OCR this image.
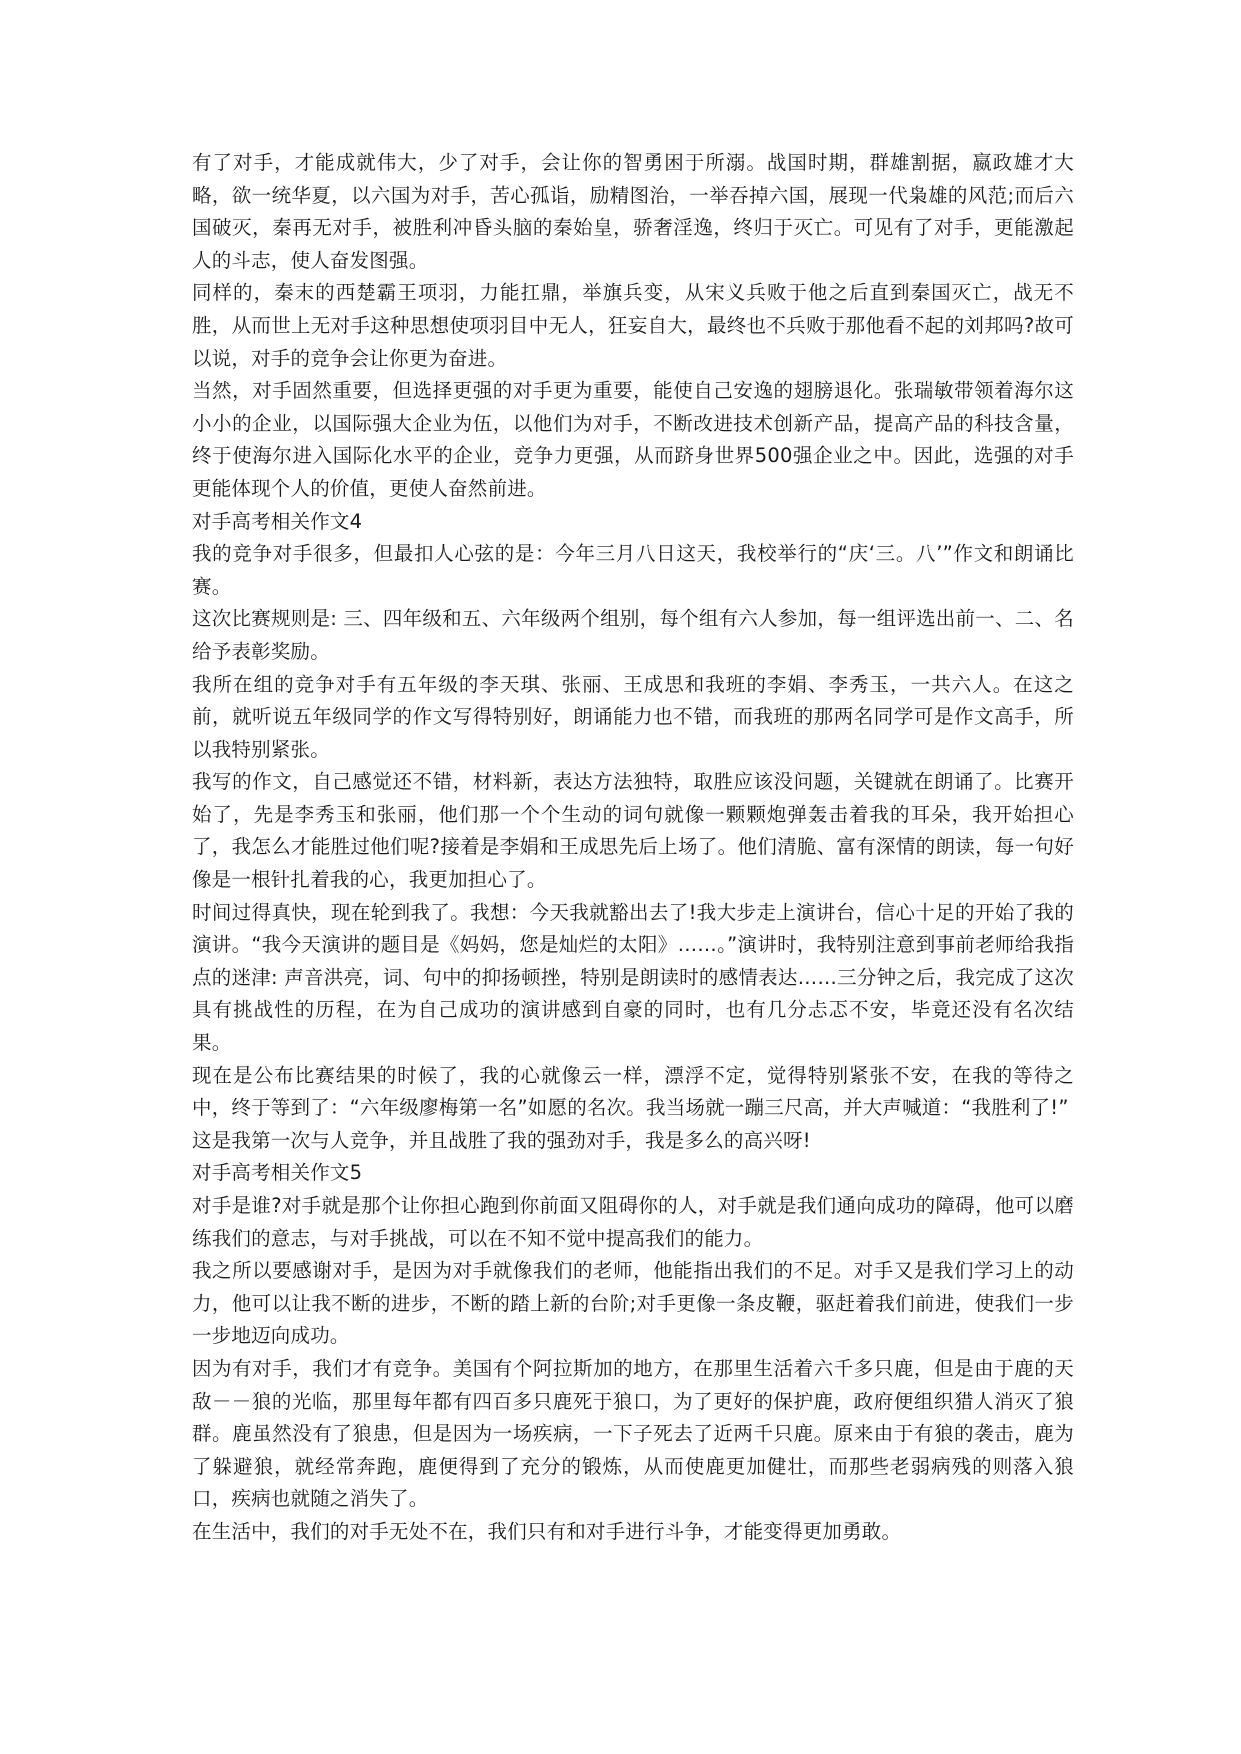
有了对手，才能成就伟大，少了对手，会让你的智勇困于所溺。战国时期，群雄割据，嬴政雄才大略，欲一统华夏，以六国为对手，苦心孤诣，励精图治，一举吞掉六国，展现一代枭雄的风范;而后六国破灭，秦再无对手，被胜利冲昏头脑的秦始皇，骄奢淫逸，终归于灭亡。可见有了对手，更能激起人的斗志，使人奋发图强。

同样的，秦末的西楚霸王项羽，力能扛鼎，举旗兵变，从宋义兵败于他之后直到秦国灭亡，战无不胜，从而世上无对手这种思想使项羽目中无人，狂妄自大，最终也不兵败于那他看不起的刘邦吗?故可以说，对手的竞争会让你更为奋进。

当然，对手固然重要，但选择更强的对手更为重要，能使自己安逸的翅膀退化。张瑞敏带领着海尔这小小的企业，以国际强大企业为伍，以他们为对手，不断改进技术创新产品，提高产品的科技含量，终于使海尔进入国际化水平的企业，竞争力更强，从而跻身世界500强企业之中。因此，选强的对手更能体现个人的价值，更使人奋然前进。

对手高考相关作文4

我的竞争对手很多，但最扣人心弦的是：今年三月八日这天，我校举行的“庆‘三。八’”作文和朗诵比赛。

这次比赛规则是: 三、四年级和五、六年级两个组别，每个组有六人参加，每一组评选出前一、二、名给予表彰奖励。

我所在组的竞争对手有五年级的李天琪、张丽、王成思和我班的李娟、李秀玉，一共六人。在这之前，就听说五年级同学的作文写得特别好，朗诵能力也不错，而我班的那两名同学可是作文高手，所以我特别紧张。

我写的作文，自己感觉还不错，材料新，表达方法独特，取胜应该没问题，关键就在朗诵了。比赛开始了，先是李秀玉和张丽，他们那一个个生动的词句就像一颗颗炮弹轰击着我的耳朵，我开始担心了，我怎么才能胜过他们呢?接着是李娟和王成思先后上场了。他们清脆、富有深情的朗读，每一句好像是一根针扎着我的心，我更加担心了。

时间过得真快，现在轮到我了。我想：今天我就豁出去了!我大步走上演讲台，信心十足的开始了我的演讲。“我今天演讲的题目是《妈妈，您是灿烂的太阳》……。”演讲时，我特别注意到事前老师给我指点的迷津: 声音洪亮，词、句中的抑扬顿挫，特别是朗读时的感情表达……三分钟之后，我完成了这次具有挑战性的历程，在为自己成功的演讲感到自豪的同时，也有几分忐忑不安，毕竟还没有名次结果。

现在是公布比赛结果的时候了，我的心就像云一样，漂浮不定，觉得特别紧张不安，在我的等待之中，终于等到了：“六年级廖梅第一名”如愿的名次。我当场就一蹦三尺高，并大声喊道：“我胜利了!”

这是我第一次与人竞争，并且战胜了我的强劲对手，我是多么的高兴呀!

对手高考相关作文5

对手是谁?对手就是那个让你担心跑到你前面又阻碍你的人，对手就是我们通向成功的障碍，他可以磨练我们的意志，与对手挑战，可以在不知不觉中提高我们的能力。

我之所以要感谢对手，是因为对手就像我们的老师，他能指出我们的不足。对手又是我们学习上的动力，他可以让我不断的进步，不断的踏上新的台阶;对手更像一条皮鞭，驱赶着我们前进，使我们一步一步地迈向成功。

因为有对手，我们才有竞争。美国有个阿拉斯加的地方，在那里生活着六千多只鹿，但是由于鹿的天敌－－狼的光临，那里每年都有四百多只鹿死于狼口，为了更好的保护鹿，政府便组织猎人消灭了狼群。鹿虽然没有了狼患，但是因为一场疾病，一下子死去了近两千只鹿。原来由于有狼的袭击，鹿为了躲避狼，就经常奔跑，鹿便得到了充分的锻炼，从而使鹿更加健壮，而那些老弱病残的则落入狼口，疾病也就随之消失了。

在生活中，我们的对手无处不在，我们只有和对手进行斗争，才能变得更加勇敢。
